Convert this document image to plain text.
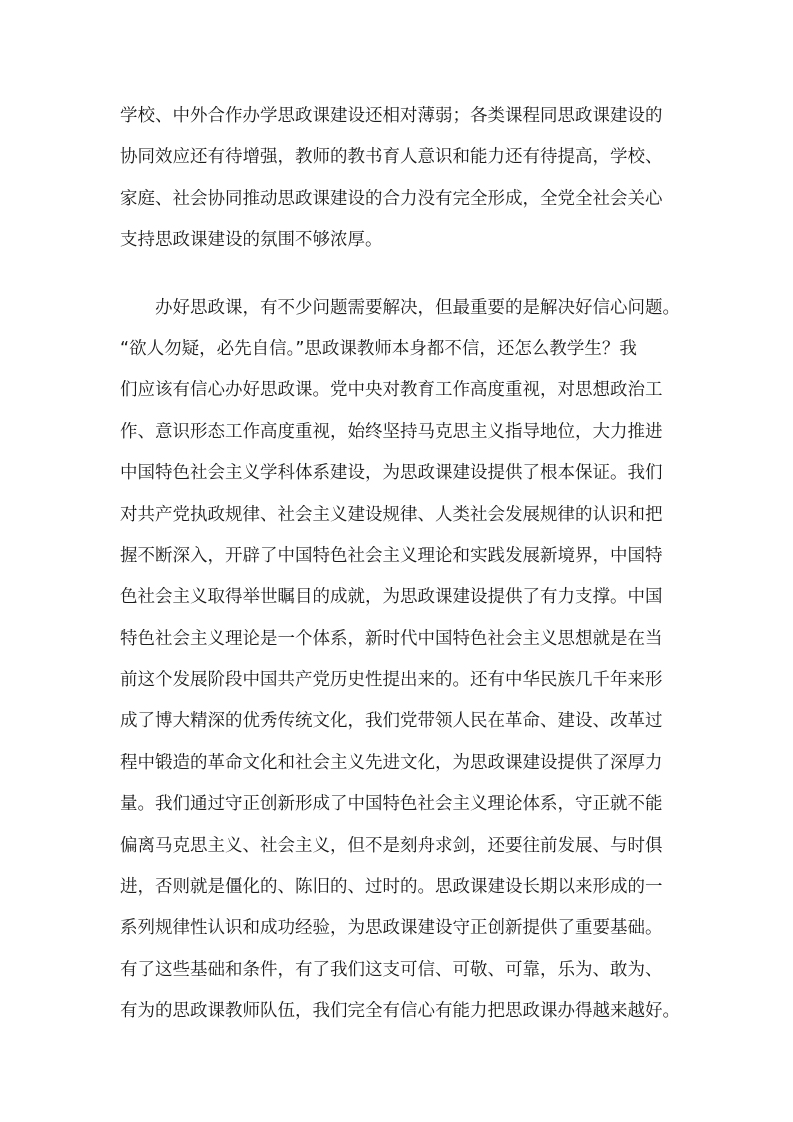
学校、中外合作办学思政课建设还相对薄弱；各类课程同思政课建设的
协同效应还有待增强，教师的教书育人意识和能力还有待提高，学校、
家庭、社会协同推动思政课建设的合力没有完全形成，全党全社会关心
支持思政课建设的氛围不够浓厚。
办好思政课，有不少问题需要解决，但最重要的是解决好信心问题。
“欲人勿疑，必先自信。”思政课教师本身都不信，还怎么教学生？我
们应该有信心办好思政课。党中央对教育工作高度重视，对思想政治工
作、意识形态工作高度重视，始终坚持马克思主义指导地位，大力推进
中国特色社会主义学科体系建设，为思政课建设提供了根本保证。我们
对共产党执政规律、社会主义建设规律、人类社会发展规律的认识和把
握不断深入，开辟了中国特色社会主义理论和实践发展新境界，中国特
色社会主义取得举世瞩目的成就，为思政课建设提供了有力支撑。中国
特色社会主义理论是一个体系，新时代中国特色社会主义思想就是在当
前这个发展阶段中国共产党历史性提出来的。还有中华民族几千年来形
成了博大精深的优秀传统文化，我们党带领人民在革命、建设、改革过
程中锻造的革命文化和社会主义先进文化，为思政课建设提供了深厚力
量。我们通过守正创新形成了中国特色社会主义理论体系，守正就不能
偏离马克思主义、社会主义，但不是刻舟求剑，还要往前发展、与时俱
进，否则就是僵化的、陈旧的、过时的。思政课建设长期以来形成的一
系列规律性认识和成功经验，为思政课建设守正创新提供了重要基础。
有了这些基础和条件，有了我们这支可信、可敬、可靠，乐为、敢为、
有为的思政课教师队伍，我们完全有信心有能力把思政课办得越来越好。
